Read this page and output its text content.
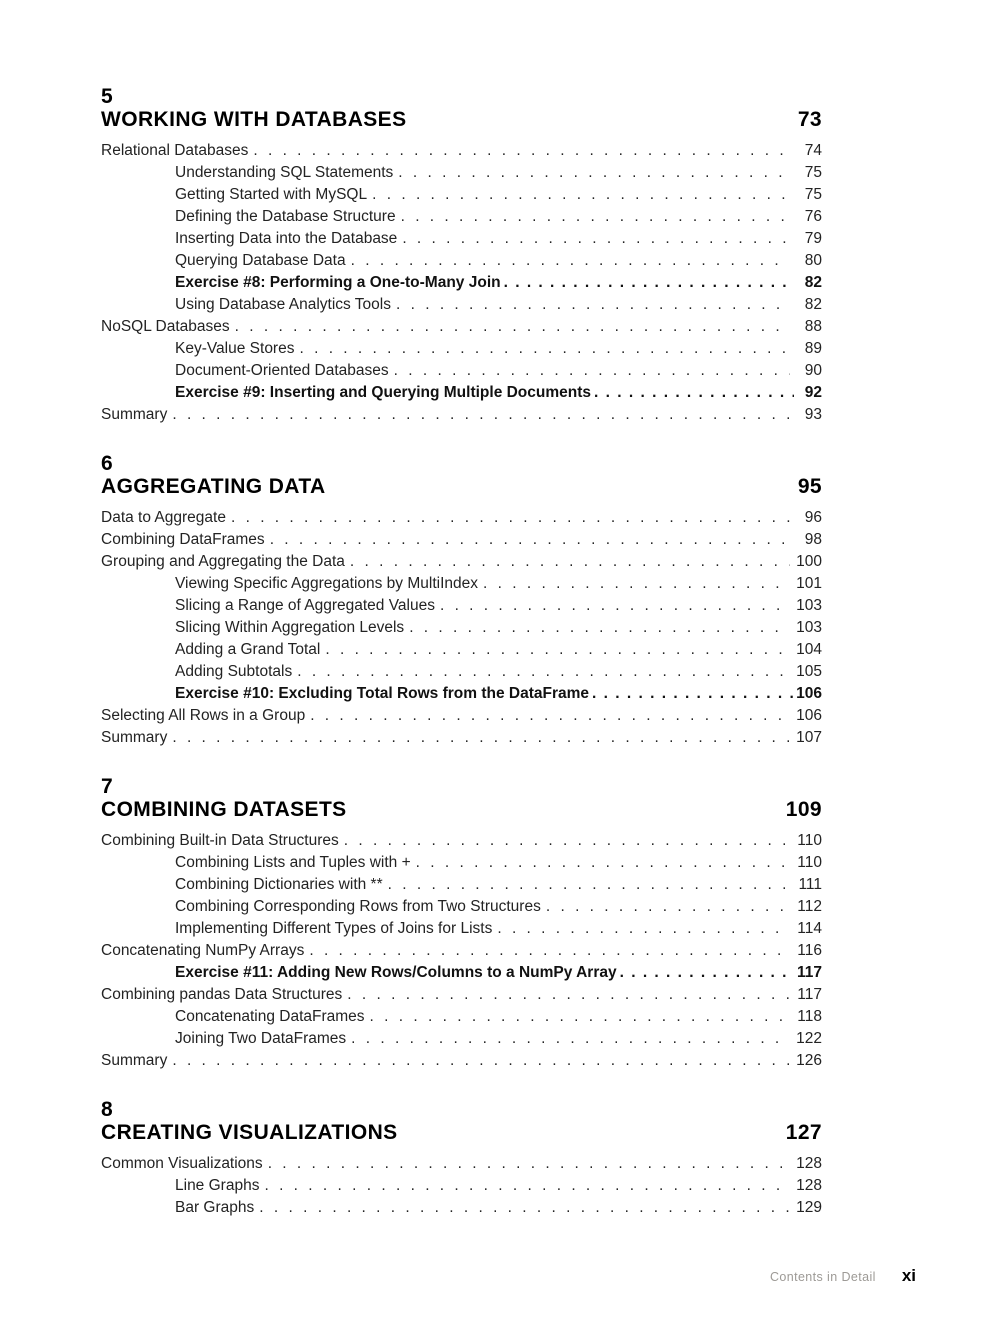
5
WORKING WITH DATABASES	73
Relational Databases . . .	74
Understanding SQL Statements . . .	75
Getting Started with MySQL . . .	75
Defining the Database Structure . . .	76
Inserting Data into the Database . . .	79
Querying Database Data . . .	80
Exercise #8: Performing a One-to-Many Join . . .	82
Using Database Analytics Tools . . .	82
NoSQL Databases . . .	88
Key-Value Stores . . .	89
Document-Oriented Databases . . .	90
Exercise #9: Inserting and Querying Multiple Documents . . .	92
Summary . . .	93
6
AGGREGATING DATA	95
Data to Aggregate . . .	96
Combining DataFrames . . .	98
Grouping and Aggregating the Data . . .	100
Viewing Specific Aggregations by MultiIndex . . .	101
Slicing a Range of Aggregated Values . . .	103
Slicing Within Aggregation Levels . . .	103
Adding a Grand Total . . .	104
Adding Subtotals . . .	105
Exercise #10: Excluding Total Rows from the DataFrame . . .	106
Selecting All Rows in a Group . . .	106
Summary . . .	107
7
COMBINING DATASETS	109
Combining Built-in Data Structures . . .	110
Combining Lists and Tuples with + . . .	110
Combining Dictionaries with ** . . .	111
Combining Corresponding Rows from Two Structures . . .	112
Implementing Different Types of Joins for Lists . . .	114
Concatenating NumPy Arrays . . .	116
Exercise #11: Adding New Rows/Columns to a NumPy Array . . .	117
Combining pandas Data Structures . . .	117
Concatenating DataFrames . . .	118
Joining Two DataFrames . . .	122
Summary . . .	126
8
CREATING VISUALIZATIONS	127
Common Visualizations . . .	128
Line Graphs . . .	128
Bar Graphs . . .	129
Contents in Detail xi
